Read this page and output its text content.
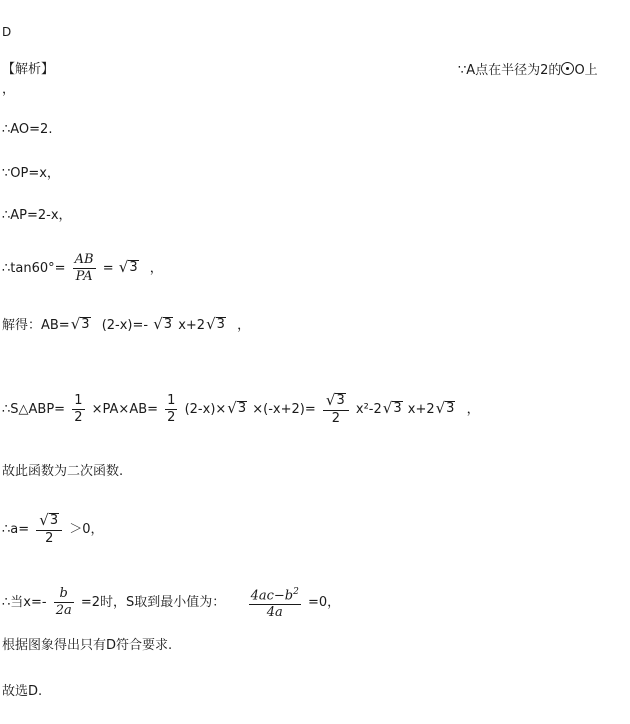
D
【解析】	∵A点在半径为2的 O上
，
∴AO=2.
∵OP=x，
∴AP=2-x，
∴tan60°= $\frac{AB}{PA}$ = √ 3 ，
解得：AB= √ 3 (2-x)=- √ 3 x+2 √ 3 ，
∴S△ABP= $\frac{1}{2} \times PA\times AB= \frac{1}{2} (2-x)\times$ √ $3 \times(-x+2)= \frac{√ 3}{2} x^2-2$ √ 3 x+2 √ 3 ，
故此函数为二次函数.
∴a= $\frac{√ 3}{2} >0$，
∴当$x=- \frac{b}{2a} =2$时，S取到最小值为： $\frac{4ac-b^2}{4a} =0$，
根据图象得出只有D符合要求.
故选D.
